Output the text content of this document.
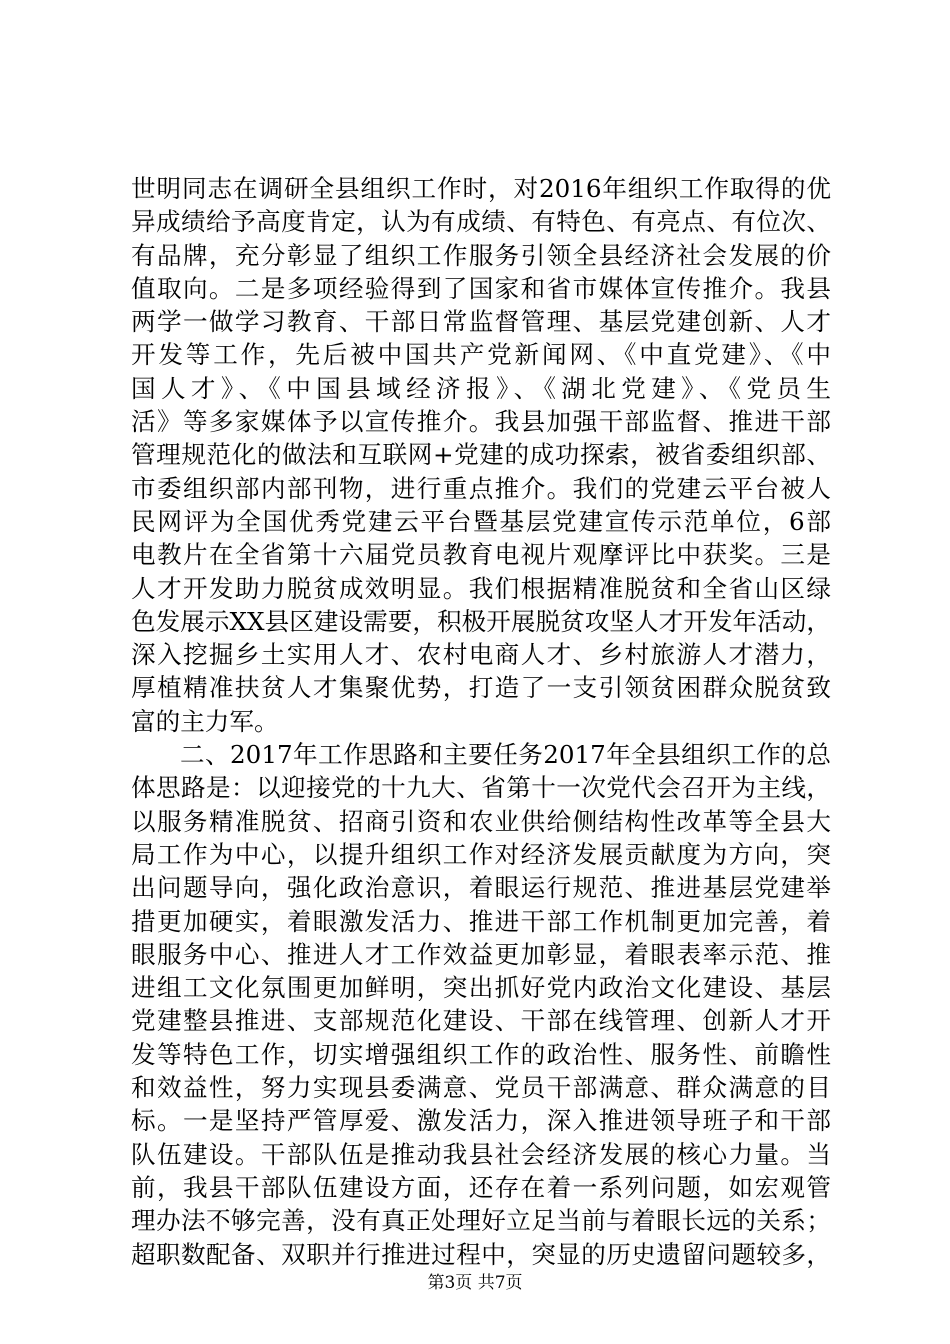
世明同志在调研全县组织工作时，对2016年组织工作取得的优
异成绩给予高度肯定，认为有成绩、有特色、有亮点、有位次、
有品牌，充分彰显了组织工作服务引领全县经济社会发展的价
值取向。二是多项经验得到了国家和省市媒体宣传推介。我县
两学一做学习教育、干部日常监督管理、基层党建创新、人才
开发等工作，先后被中国共产党新闻网、《中直党建》、《中
国人才》、《中国县域经济报》、《湖北党建》、《党员生
活》等多家媒体予以宣传推介。我县加强干部监督、推进干部
管理规范化的做法和互联网+党建的成功探索，被省委组织部、
市委组织部内部刊物，进行重点推介。我们的党建云平台被人
民网评为全国优秀党建云平台暨基层党建宣传示范单位，6部
电教片在全省第十六届党员教育电视片观摩评比中获奖。三是
人才开发助力脱贫成效明显。我们根据精准脱贫和全省山区绿
色发展示XX县区建设需要，积极开展脱贫攻坚人才开发年活动，
深入挖掘乡土实用人才、农村电商人才、乡村旅游人才潜力，
厚植精准扶贫人才集聚优势，打造了一支引领贫困群众脱贫致
富的主力军。
二、2017年工作思路和主要任务2017年全县组织工作的总
体思路是：以迎接党的十九大、省第十一次党代会召开为主线，
以服务精准脱贫、招商引资和农业供给侧结构性改革等全县大
局工作为中心，以提升组织工作对经济发展贡献度为方向，突
出问题导向，强化政治意识，着眼运行规范、推进基层党建举
措更加硬实，着眼激发活力、推进干部工作机制更加完善，着
眼服务中心、推进人才工作效益更加彰显，着眼表率示范、推
进组工文化氛围更加鲜明，突出抓好党内政治文化建设、基层
党建整县推进、支部规范化建设、干部在线管理、创新人才开
发等特色工作，切实增强组织工作的政治性、服务性、前瞻性
和效益性，努力实现县委满意、党员干部满意、群众满意的目
标。一是坚持严管厚爱、激发活力，深入推进领导班子和干部
队伍建设。干部队伍是推动我县社会经济发展的核心力量。当
前，我县干部队伍建设方面，还存在着一系列问题，如宏观管
理办法不够完善，没有真正处理好立足当前与着眼长远的关系；
超职数配备、双职并行推进过程中，突显的历史遗留问题较多，
第3页 共7页
